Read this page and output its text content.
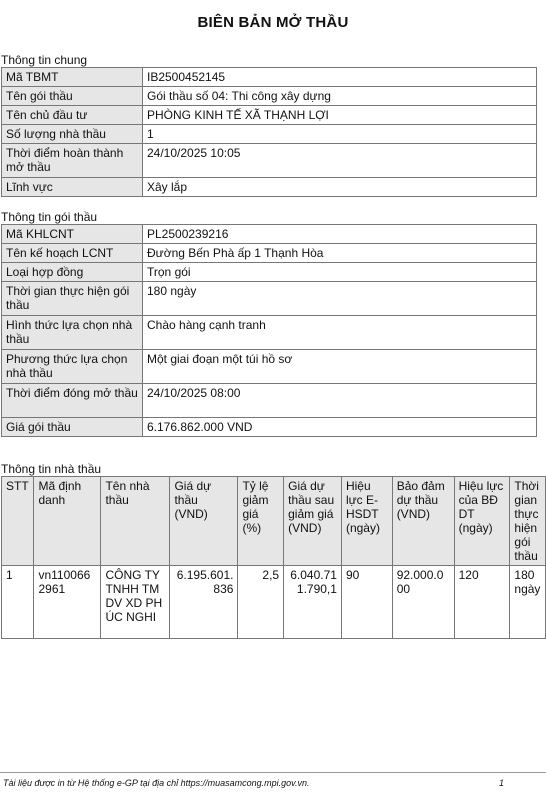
BIÊN BẢN MỞ THẦU
Thông tin chung
Mã TBMT	IB2500452145
Tên gói thầu	Gói thầu số 04: Thi công xây dựng
Tên chủ đầu tư	PHÒNG KINH TẾ XÃ THẠNH LỢI
Số lượng nhà thầu	1
Thời điểm hoàn thành mở thầu	24/10/2025 10:05
Lĩnh vực	Xây lắp
Thông tin gói thầu
Mã KHLCNT	PL2500239216
Tên kế hoạch LCNT	Đường Bến Phà ấp 1 Thạnh Hòa
Loại hợp đồng	Trọn gói
Thời gian thực hiện gói thầu	180 ngày
Hình thức lựa chọn nhà thầu	Chào hàng cạnh tranh
Phương thức lựa chọn nhà thầu	Một giai đoạn một túi hồ sơ
Thời điểm đóng mở thầu	24/10/2025 08:00
Giá gói thầu	6.176.862.000 VND
Thông tin nhà thầu
STT	Mã định danh	Tên nhà thầu	Giá dự thầu (VND)	Tỷ lệ giảm giá (%)	Giá dự thầu sau giảm giá (VND)	Hiệu lực E-HSDT (ngày)	Bảo đảm dự thầu (VND)	Hiệu lực của BĐ DT (ngày)	Thời gian thực hiện gói thầu
1	vn1100662961	CÔNG TY TNHH TM DV XD PHÚC NGHI	6.195.601.836	2,5	6.040.711.790,1	90	92.000.000	120	180 ngày
Tài liệu được in từ Hệ thống e-GP tại địa chỉ https://muasamcong.mpi.gov.vn.	1
